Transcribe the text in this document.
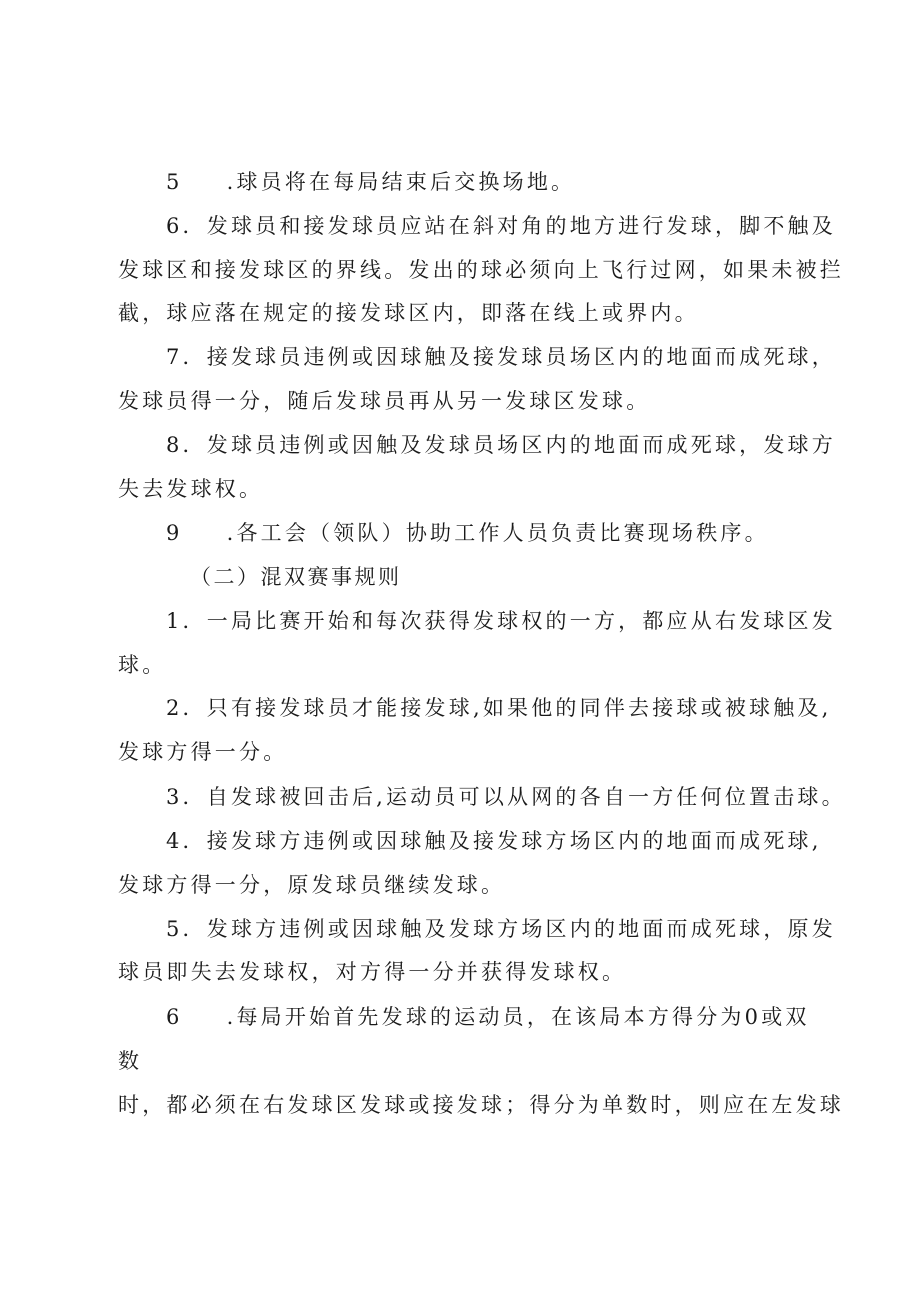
5 .球员将在每局结束后交换场地。
6．发球员和接发球员应站在斜对角的地方进行发球，脚不触及
发球区和接发球区的界线。发出的球必须向上飞行过网，如果未被拦
截，球应落在规定的接发球区内，即落在线上或界内。
7．接发球员违例或因球触及接发球员场区内的地面而成死球，
发球员得一分，随后发球员再从另一发球区发球。
8．发球员违例或因触及发球员场区内的地面而成死球，发球方
失去发球权。
9 .各工会（领队）协助工作人员负责比赛现场秩序。
（二）混双赛事规则
1．一局比赛开始和每次获得发球权的一方，都应从右发球区发
球。
2．只有接发球员才能接发球,如果他的同伴去接球或被球触及,
发球方得一分。
3．自发球被回击后,运动员可以从网的各自一方任何位置击球。
4．接发球方违例或因球触及接发球方场区内的地面而成死球,
发球方得一分，原发球员继续发球。
5．发球方违例或因球触及发球方场区内的地面而成死球，原发
球员即失去发球权，对方得一分并获得发球权。
6 .每局开始首先发球的运动员，在该局本方得分为0或双
数
时，都必须在右发球区发球或接发球；得分为单数时，则应在左发球
